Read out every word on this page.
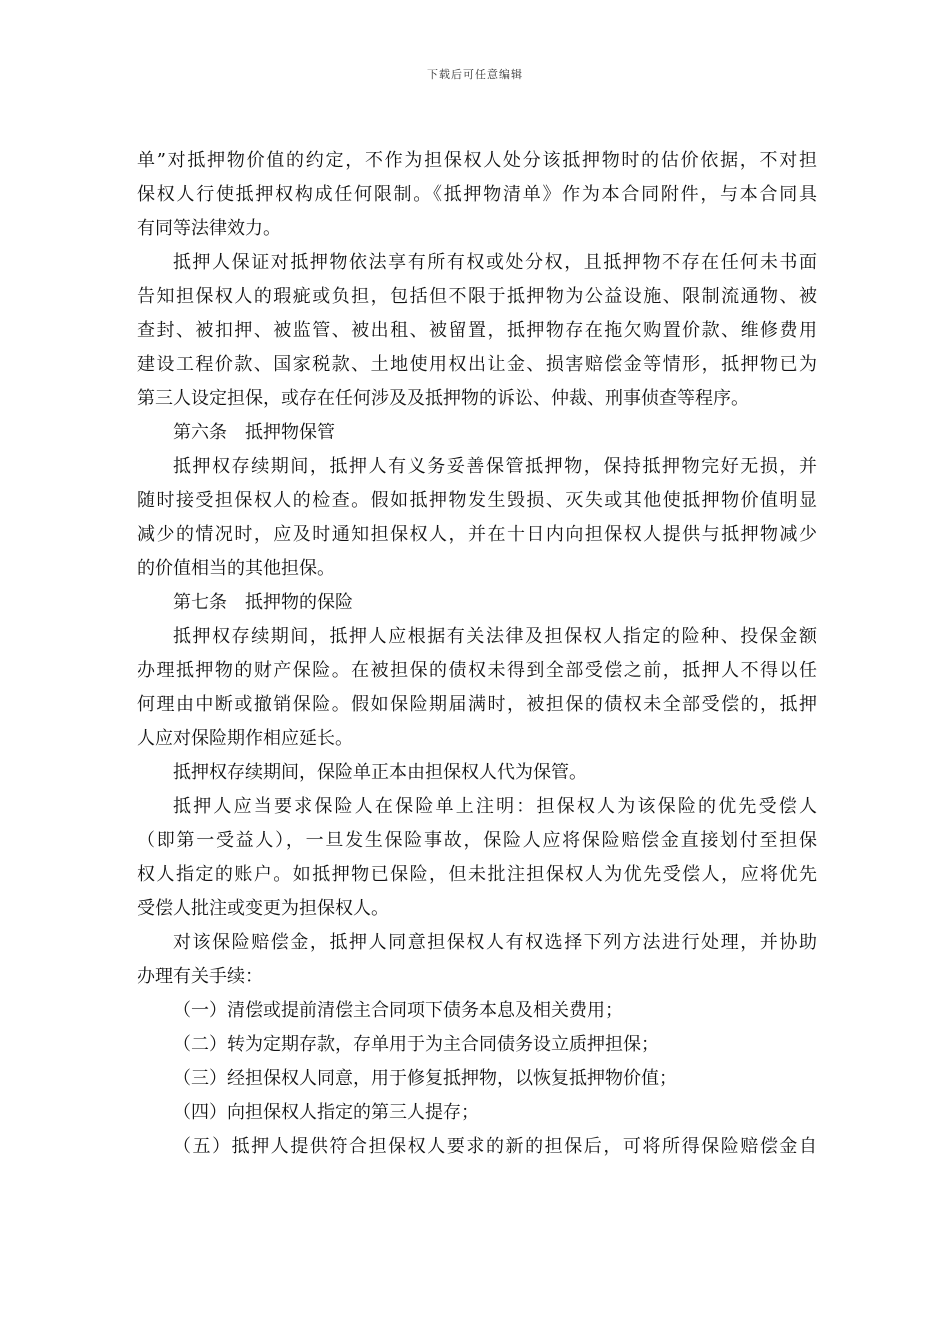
下载后可任意编辑
单”对抵押物价值的约定，不作为担保权人处分该抵押物时的估价依据，不对担
保权人行使抵押权构成任何限制。《抵押物清单》作为本合同附件，与本合同具
有同等法律效力。
抵押人保证对抵押物依法享有所有权或处分权，且抵押物不存在任何未书面
告知担保权人的瑕疵或负担，包括但不限于抵押物为公益设施、限制流通物、被
查封、被扣押、被监管、被出租、被留置，抵押物存在拖欠购置价款、维修费用
建设工程价款、国家税款、土地使用权出让金、损害赔偿金等情形，抵押物已为
第三人设定担保，或存在任何涉及及抵押物的诉讼、仲裁、刑事侦查等程序。
第六条　抵押物保管
抵押权存续期间，抵押人有义务妥善保管抵押物，保持抵押物完好无损，并
随时接受担保权人的检查。假如抵押物发生毁损、灭失或其他使抵押物价值明显
减少的情况时，应及时通知担保权人，并在十日内向担保权人提供与抵押物减少
的价值相当的其他担保。
第七条　抵押物的保险
抵押权存续期间，抵押人应根据有关法律及担保权人指定的险种、投保金额
办理抵押物的财产保险。在被担保的债权未得到全部受偿之前，抵押人不得以任
何理由中断或撤销保险。假如保险期届满时，被担保的债权未全部受偿的，抵押
人应对保险期作相应延长。
抵押权存续期间，保险单正本由担保权人代为保管。
抵押人应当要求保险人在保险单上注明：担保权人为该保险的优先受偿人
（即第一受益人），一旦发生保险事故，保险人应将保险赔偿金直接划付至担保
权人指定的账户。如抵押物已保险，但未批注担保权人为优先受偿人，应将优先
受偿人批注或变更为担保权人。
对该保险赔偿金，抵押人同意担保权人有权选择下列方法进行处理，并协助
办理有关手续：
（一）清偿或提前清偿主合同项下债务本息及相关费用；
（二）转为定期存款，存单用于为主合同债务设立质押担保；
（三）经担保权人同意，用于修复抵押物，以恢复抵押物价值；
（四）向担保权人指定的第三人提存；
（五）抵押人提供符合担保权人要求的新的担保后，可将所得保险赔偿金自
